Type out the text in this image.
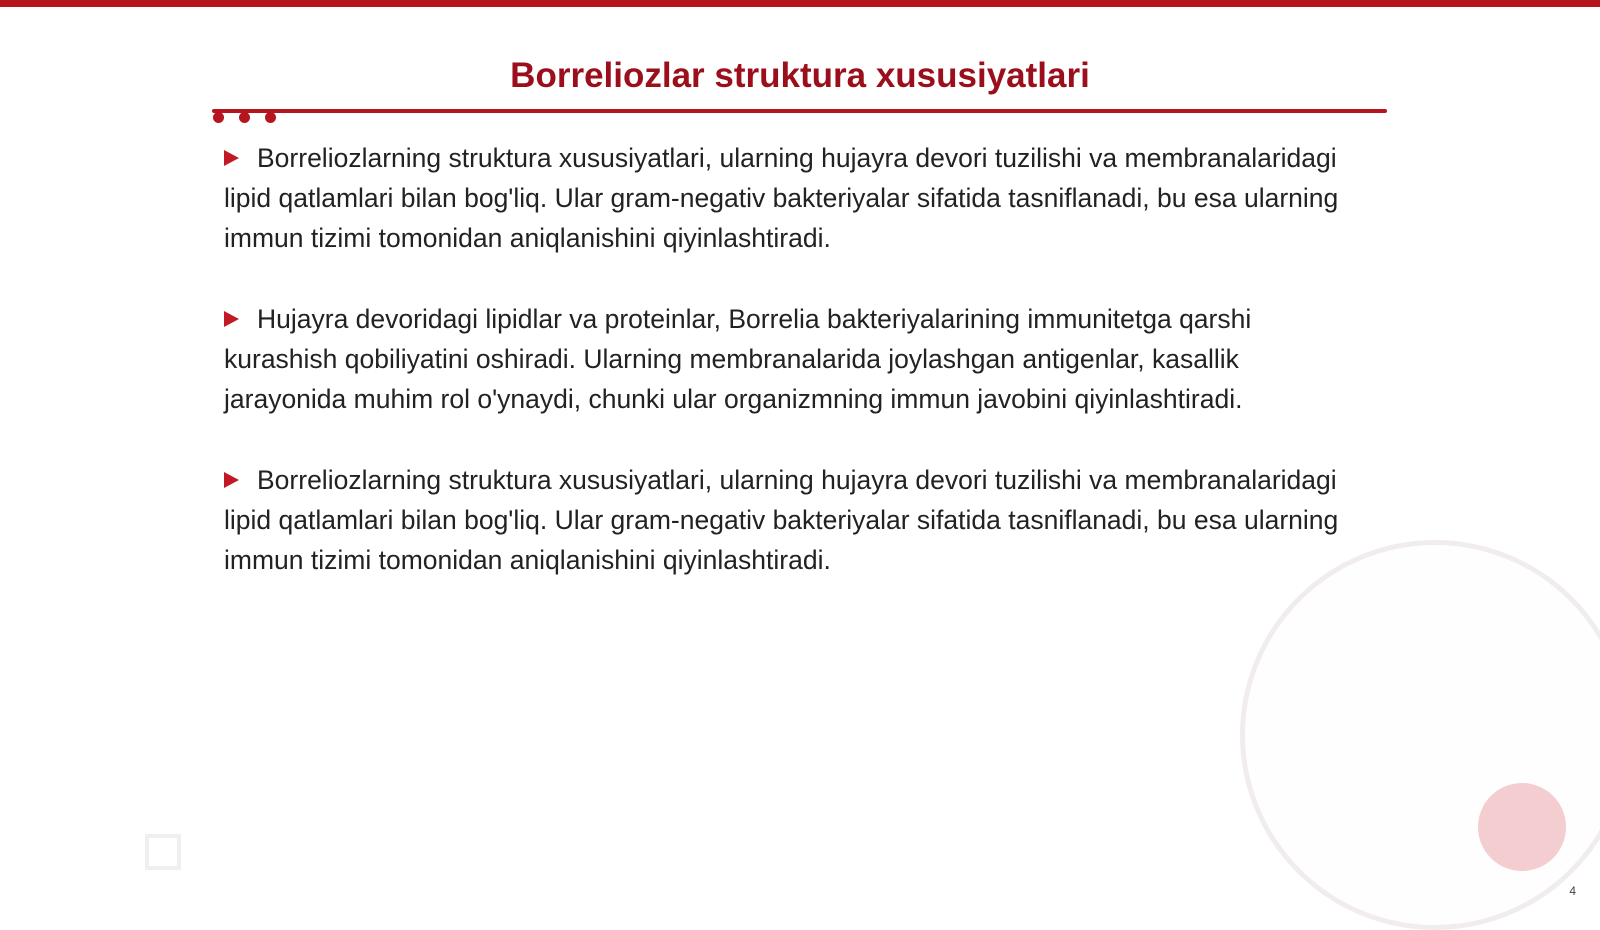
Borreliozlar struktura xususiyatlari

Borreliozlarning struktura xususiyatlari, ularning hujayra devori tuzilishi va membranalaridagi lipid qatlamlari bilan bog'liq. Ular gram-negativ bakteriyalar sifatida tasniflanadi, bu esa ularning immun tizimi tomonidan aniqlanishini qiyinlashtiradi.

Hujayra devoridagi lipidlar va proteinlar, Borrelia bakteriyalarining immunitetga qarshi kurashish qobiliyatini oshiradi. Ularning membranalarida joylashgan antigenlar, kasallik jarayonida muhim rol o'ynaydi, chunki ular organizmning immun javobini qiyinlashtiradi.

Borreliozlarning struktura xususiyatlari, ularning hujayra devori tuzilishi va membranalaridagi lipid qatlamlari bilan bog'liq. Ular gram-negativ bakteriyalar sifatida tasniflanadi, bu esa ularning immun tizimi tomonidan aniqlanishini qiyinlashtiradi.

4
